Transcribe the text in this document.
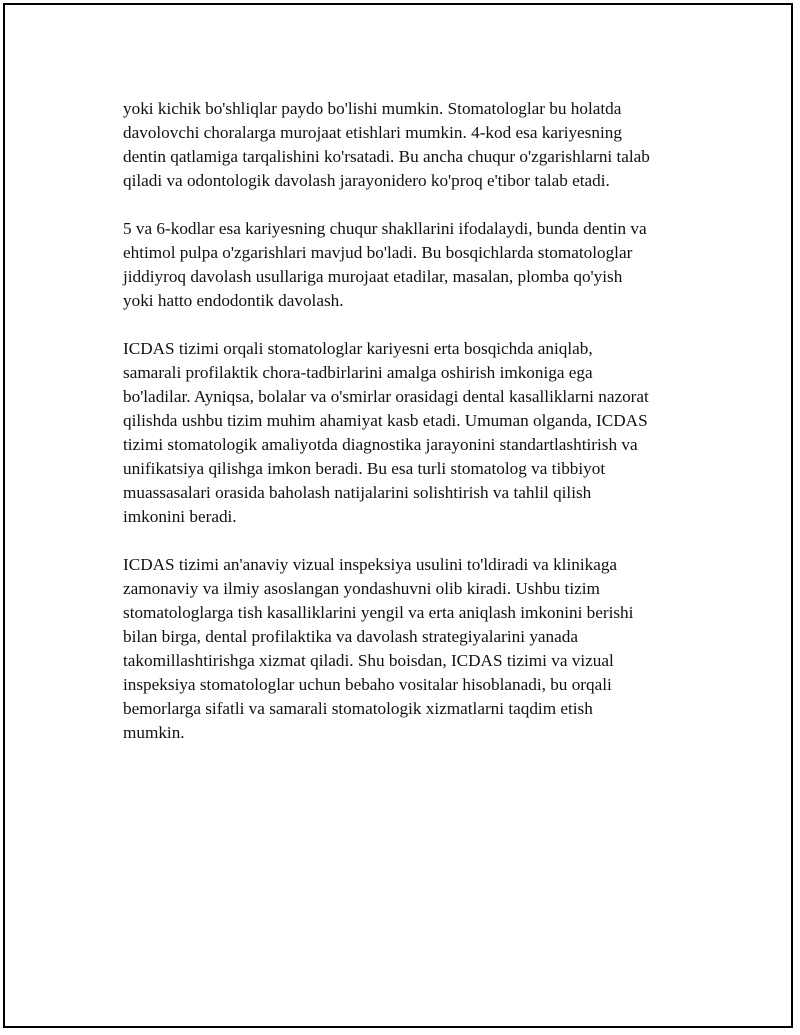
yoki kichik bo'shliqlar paydo bo'lishi mumkin. Stomatologlar bu holatda
davolovchi choralarga murojaat etishlari mumkin. 4-kod esa kariyesning
dentin qatlamiga tarqalishini ko'rsatadi. Bu ancha chuqur o'zgarishlarni talab
qiladi va odontologik davolash jarayonidero ko'proq e'tibor talab etadi.

5 va 6-kodlar esa kariyesning chuqur shakllarini ifodalaydi, bunda dentin va
ehtimol pulpa o'zgarishlari mavjud bo'ladi. Bu bosqichlarda stomatologlar
jiddiyroq davolash usullariga murojaat etadilar, masalan, plomba qo'yish
yoki hatto endodontik davolash.

ICDAS tizimi orqali stomatologlar kariyesni erta bosqichda aniqlab,
samarali profilaktik chora-tadbirlarini amalga oshirish imkoniga ega
bo'ladilar. Ayniqsa, bolalar va o'smirlar orasidagi dental kasalliklarni nazorat
qilishda ushbu tizim muhim ahamiyat kasb etadi. Umuman olganda, ICDAS
tizimi stomatologik amaliyotda diagnostika jarayonini standartlashtirish va
unifikatsiya qilishga imkon beradi. Bu esa turli stomatolog va tibbiyot
muassasalari orasida baholash natijalarini solishtirish va tahlil qilish
imkonini beradi.

ICDAS tizimi an'anaviy vizual inspeksiya usulini to'ldiradi va klinikaga
zamonaviy va ilmiy asoslangan yondashuvni olib kiradi. Ushbu tizim
stomatologlarga tish kasalliklarini yengil va erta aniqlash imkonini berishi
bilan birga, dental profilaktika va davolash strategiyalarini yanada
takomillashtirishga xizmat qiladi. Shu boisdan, ICDAS tizimi va vizual
inspeksiya stomatologlar uchun bebaho vositalar hisoblanadi, bu orqali
bemorlarga sifatli va samarali stomatologik xizmatlarni taqdim etish
mumkin.
